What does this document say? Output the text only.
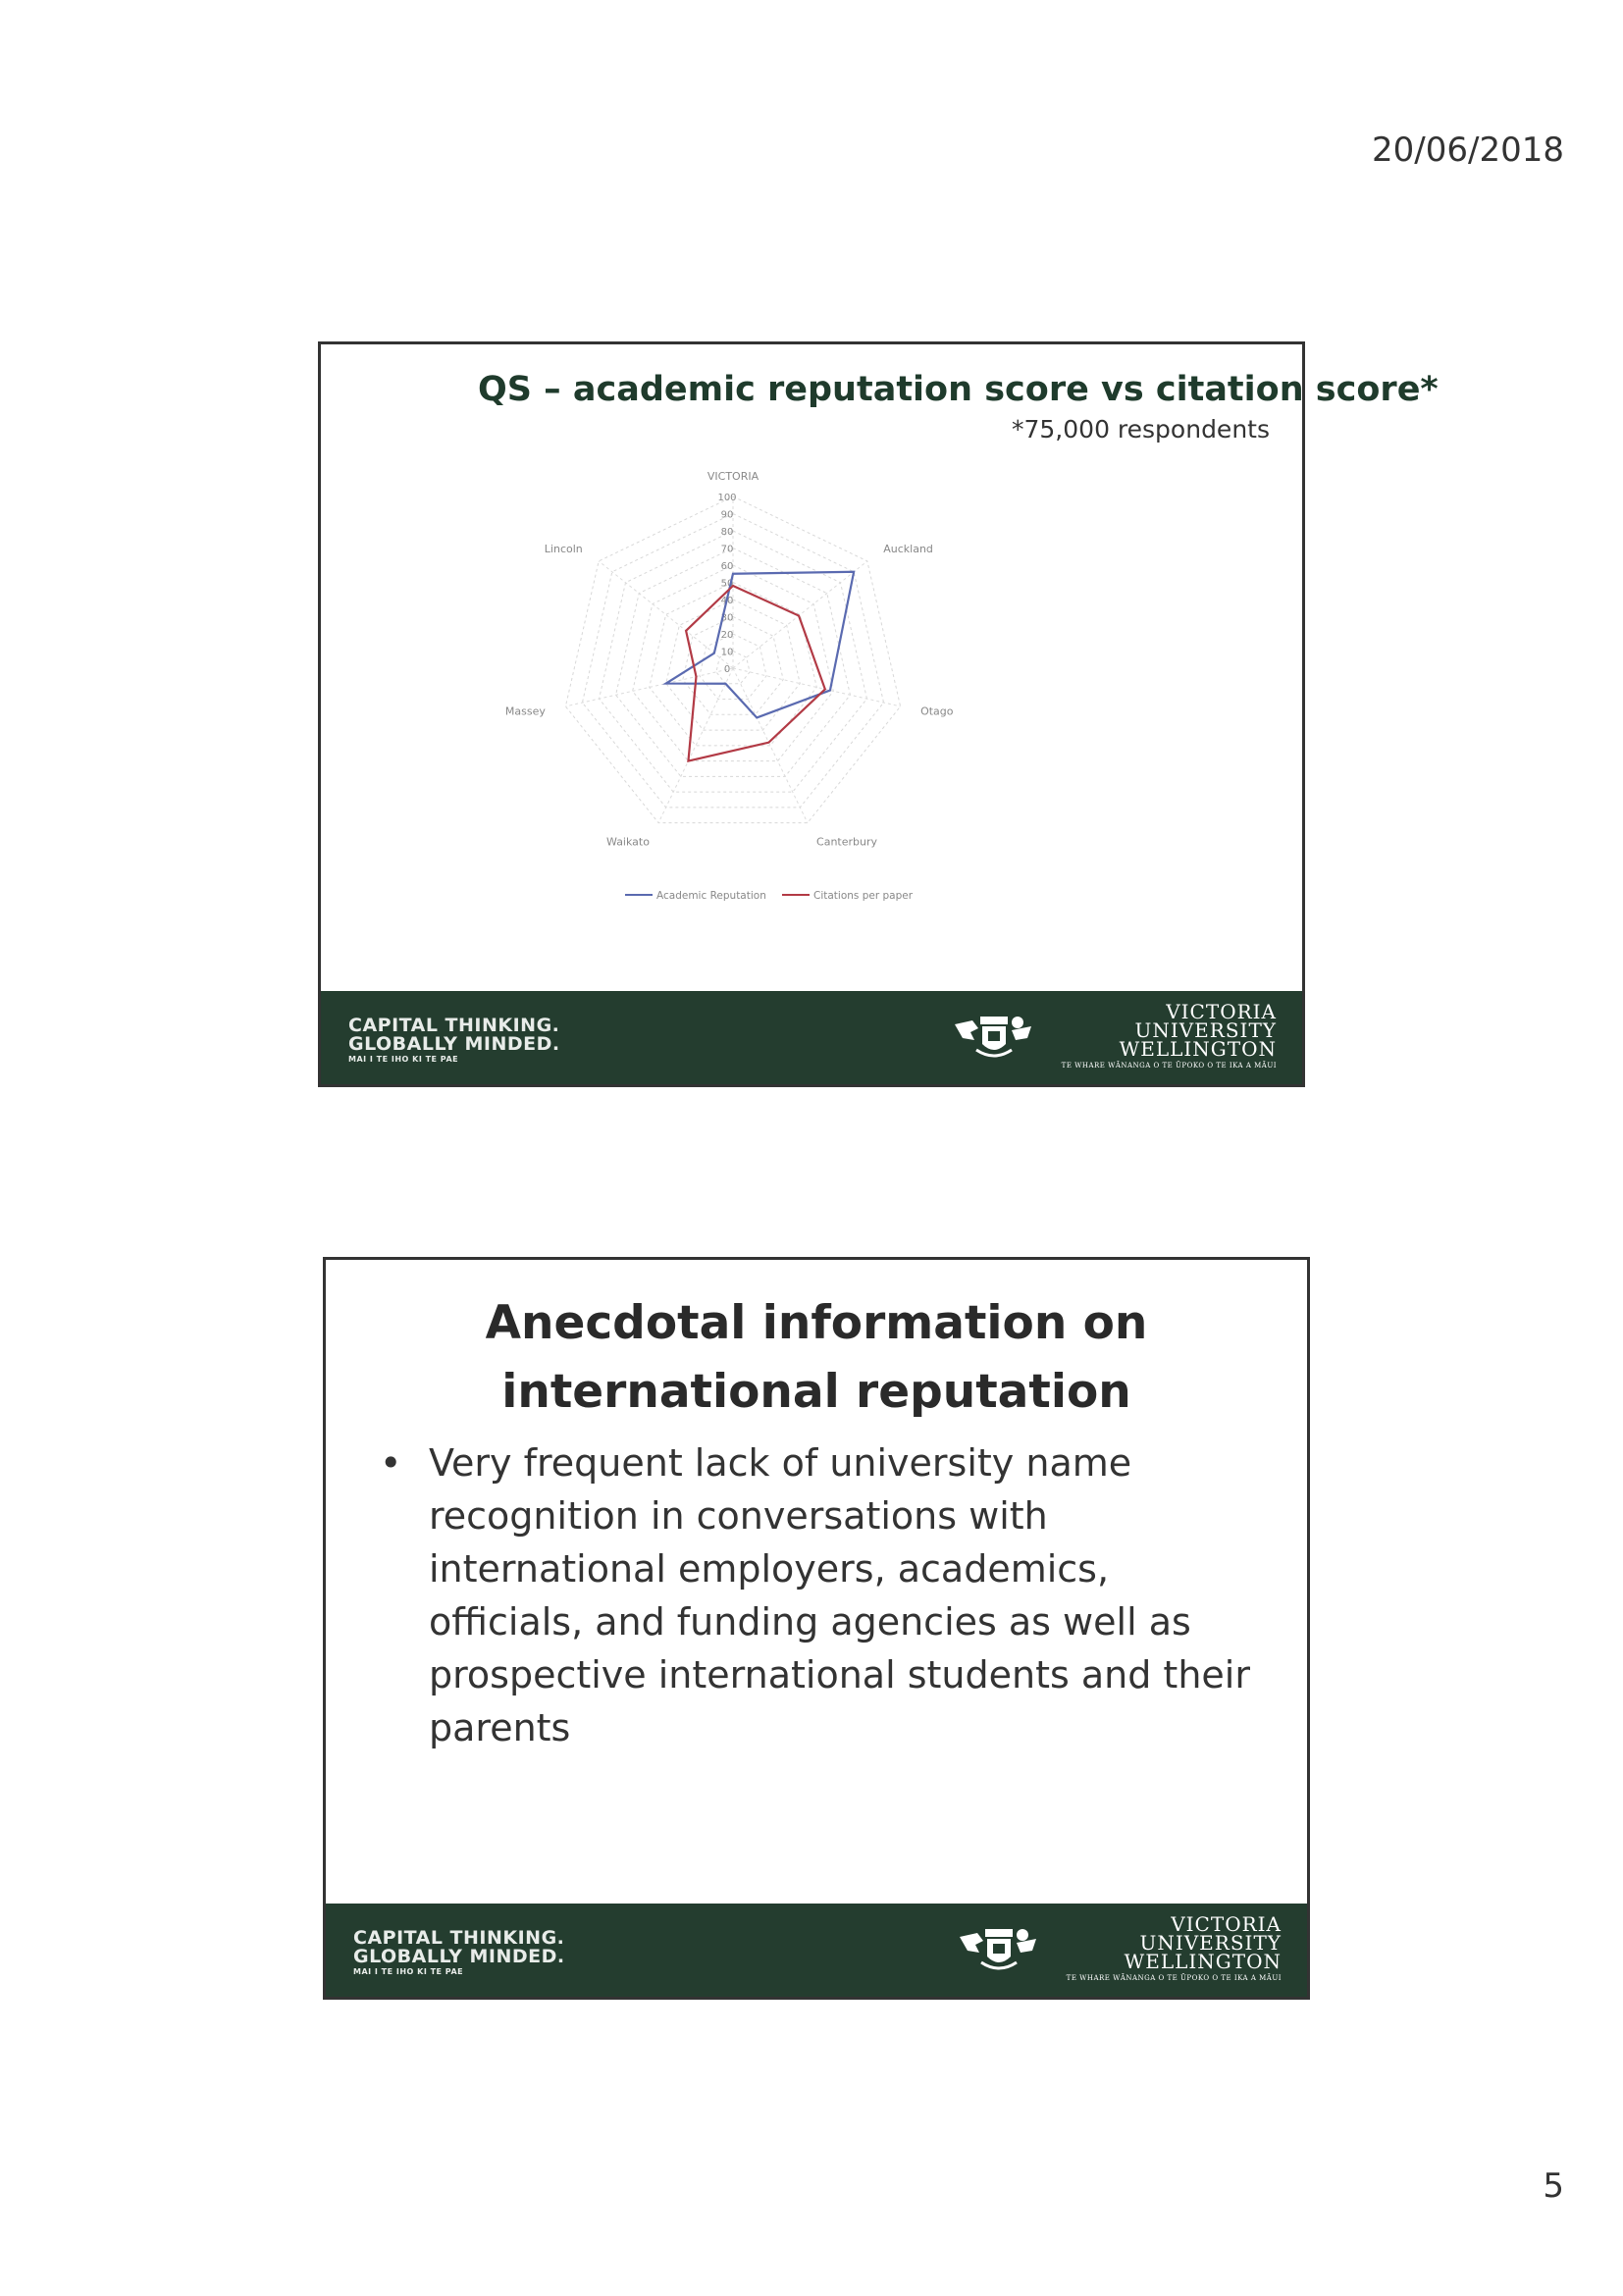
20/06/2018
QS – academic reputation score vs citation score*
*75,000 respondents
0
10
20
30
40
50
60
70
80
90
100
VICTORIA
Auckland
Otago
Canterbury
Waikato
Massey
Lincoln
Academic Reputation	Citations per paper
CAPITAL THINKING.
GLOBALLY MINDED.
MAI I TE IHO KI TE PAE
VICTORIA
UNIVERSITY
WELLINGTON
TE WHARE WĀNANGA O TE ŪPOKO O TE IKA A MĀUI
Anecdotal information on
international reputation
• Very frequent lack of university name recognition in conversations with international employers, academics, officials, and funding agencies as well as prospective international students and their parents
CAPITAL THINKING.
GLOBALLY MINDED.
MAI I TE IHO KI TE PAE
VICTORIA
UNIVERSITY
WELLINGTON
TE WHARE WĀNANGA O TE ŪPOKO O TE IKA A MĀUI
5
